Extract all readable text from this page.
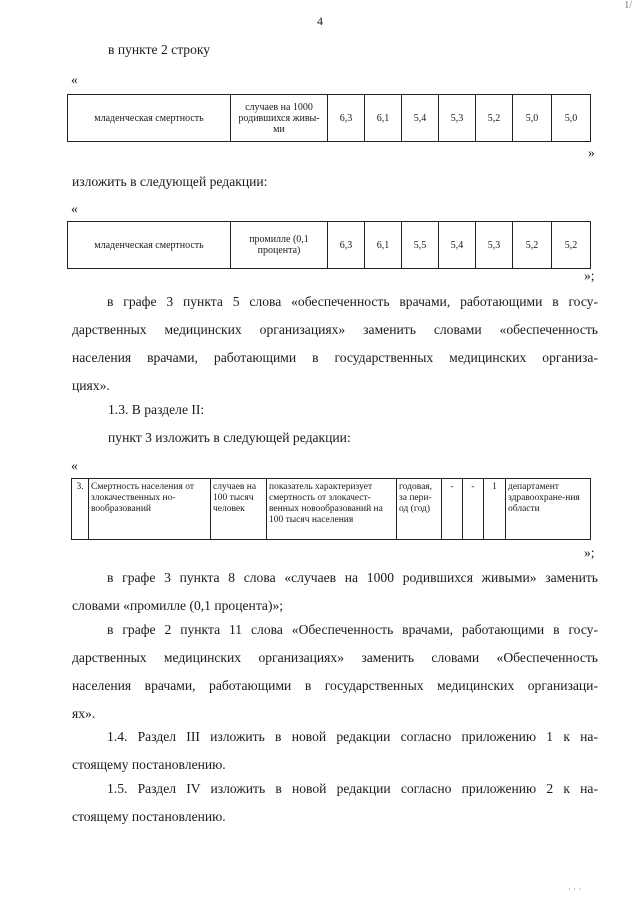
1/
4
в пункте 2 строку
«
младенческая смертность	случаев на 1000 родившихся живы-ми	6,3	6,1	5,4	5,3	5,2	5,0	5,0
»
изложить в следующей редакции:
«
младенческая смертность	промилле (0,1 процента)	6,3	6,1	5,5	5,4	5,3	5,2	5,2
»;
в графе 3 пункта 5 слова «обеспеченность врачами, работающими в госу-
дарственных медицинских организациях» заменить словами «обеспеченность
населения врачами, работающими в государственных медицинских организа-
циях».
1.3. В разделе II:
пункт 3 изложить в следующей редакции:
«
3.	Смертность населения от злокачественных но-вообразований	случаев на 100 тысяч человек	показатель характеризует смертность от злокачест-венных новообразований на 100 тысяч населения	годовая, за пери-од (год)	-	-	1	департамент здравоохране-ния области
»;
в графе 3 пункта 8 слова «случаев на 1000 родившихся живыми» заменить
словами «промилле (0,1 процента)»;
в графе 2 пункта 11 слова «Обеспеченность врачами, работающими в госу-
дарственных медицинских организациях» заменить словами «Обеспеченность
населения врачами, работающими в государственных медицинских организаци-
ях».
1.4. Раздел III изложить в новой редакции согласно приложению 1 к на-
стоящему постановлению.
1.5. Раздел IV изложить в новой редакции согласно приложению 2 к на-
стоящему постановлению.
· · ·
